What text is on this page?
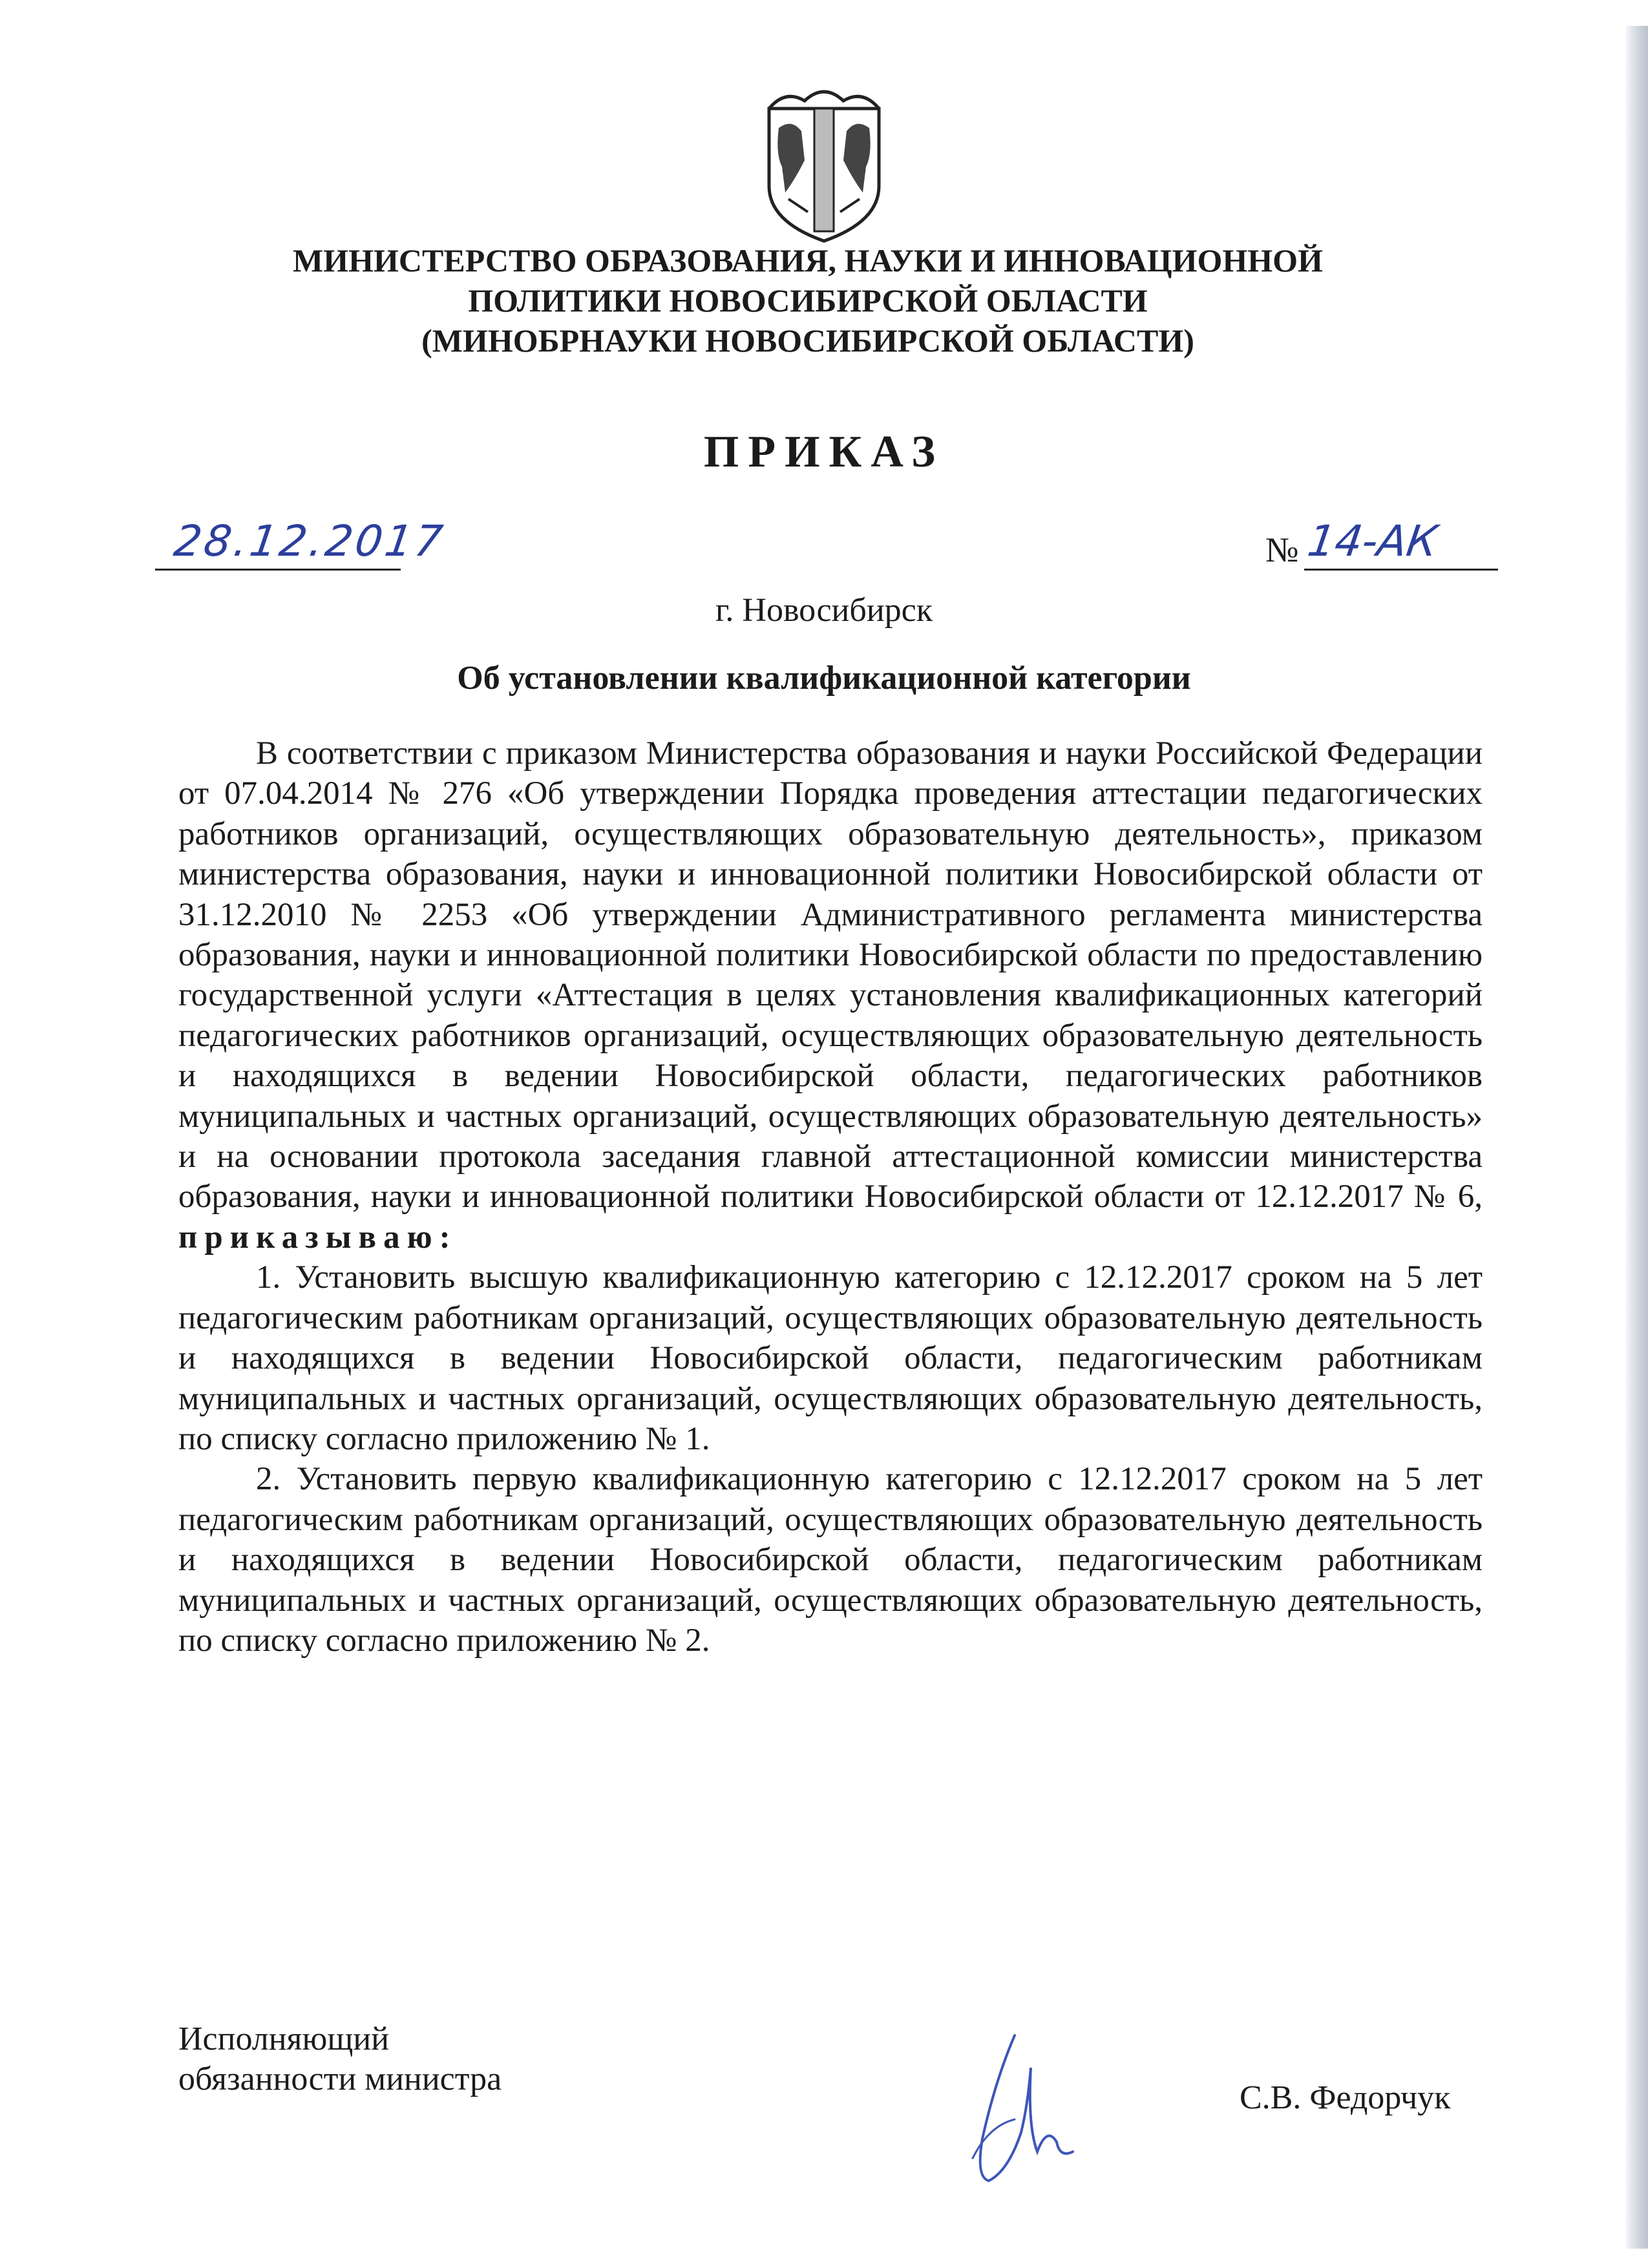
МИНИСТЕРСТВО ОБРАЗОВАНИЯ, НАУКИ И ИННОВАЦИОННОЙ
ПОЛИТИКИ НОВОСИБИРСКОЙ ОБЛАСТИ
(МИНОБРНАУКИ НОВОСИБИРСКОЙ ОБЛАСТИ)
ПРИКАЗ
28.12.2017	№ 14-АК
г. Новосибирск
Об установлении квалификационной категории

В соответствии с приказом Министерства образования и науки Российской Федерации от 07.04.2014 № 276 «Об утверждении Порядка проведения аттестации педагогических работников организаций, осуществляющих образовательную деятельность», приказом министерства образования, науки и инновационной политики Новосибирской области от 31.12.2010 № 2253 «Об утверждении Административного регламента министерства образования, науки и инновационной политики Новосибирской области по предоставлению государственной услуги «Аттестация в целях установления квалификационных категорий педагогических работников организаций, осуществляющих образовательную деятельность и находящихся в ведении Новосибирской области, педагогических работников муниципальных и частных организаций, осуществляющих образовательную деятельность» и на основании протокола заседания главной аттестационной комиссии министерства образования, науки и инновационной политики Новосибирской области от 12.12.2017 № 6, приказываю:

1. Установить высшую квалификационную категорию с 12.12.2017 сроком на 5 лет педагогическим работникам организаций, осуществляющих образовательную деятельность и находящихся в ведении Новосибирской области, педагогическим работникам муниципальных и частных организаций, осуществляющих образовательную деятельность, по списку согласно приложению № 1.

2. Установить первую квалификационную категорию с 12.12.2017 сроком на 5 лет педагогическим работникам организаций, осуществляющих образовательную деятельность и находящихся в ведении Новосибирской области, педагогическим работникам муниципальных и частных организаций, осуществляющих образовательную деятельность, по списку согласно приложению № 2.

Исполняющий
обязанности министра
С.В. Федорчук
